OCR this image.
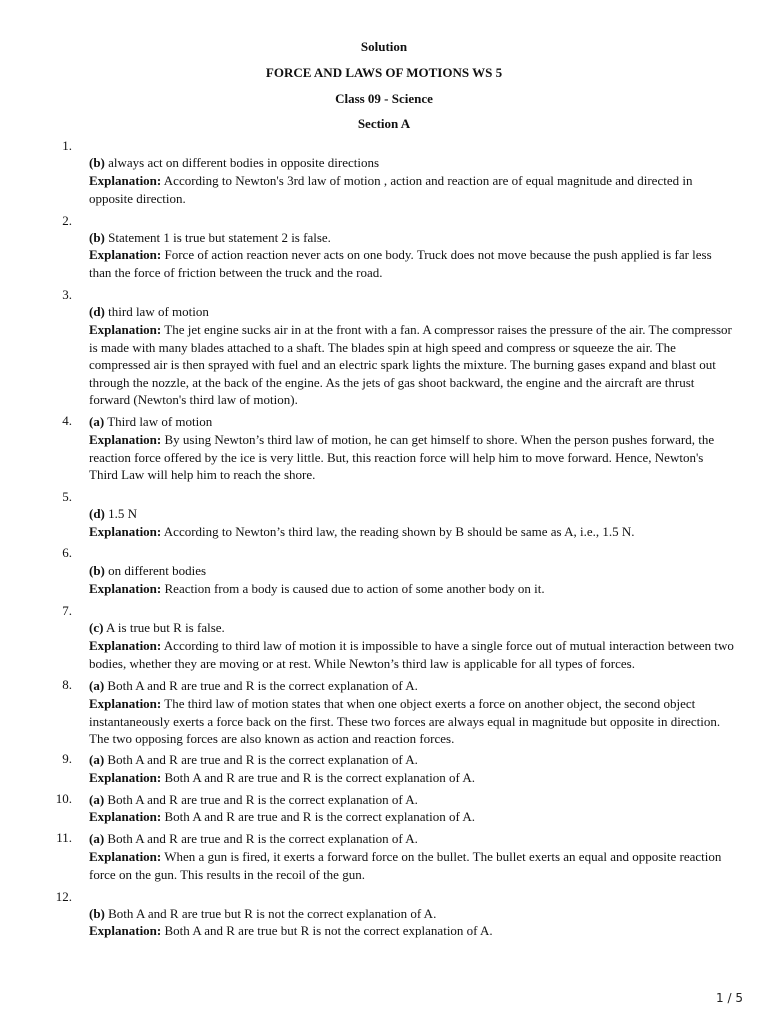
Solution
FORCE AND LAWS OF MOTIONS WS 5
Class 09 - Science
Section A
1.
(b) always act on different bodies in opposite directions
Explanation: According to Newton's 3rd law of motion , action and reaction are of equal magnitude and directed in opposite direction.
2.
(b) Statement 1 is true but statement 2 is false.
Explanation: Force of action reaction never acts on one body. Truck does not move because the push applied is far less than the force of friction between the truck and the road.
3.
(d) third law of motion
Explanation: The jet engine sucks air in at the front with a fan. A compressor raises the pressure of the air. The compressor is made with many blades attached to a shaft. The blades spin at high speed and compress or squeeze the air. The compressed air is then sprayed with fuel and an electric spark lights the mixture. The burning gases expand and blast out through the nozzle, at the back of the engine. As the jets of gas shoot backward, the engine and the aircraft are thrust forward (Newton's third law of motion).
4. (a) Third law of motion
Explanation: By using Newton’s third law of motion, he can get himself to shore. When the person pushes forward, the reaction force offered by the ice is very little. But, this reaction force will help him to move forward. Hence, Newton's Third Law will help him to reach the shore.
5.
(d) 1.5 N
Explanation: According to Newton’s third law, the reading shown by B should be same as A, i.e., 1.5 N.
6.
(b) on different bodies
Explanation: Reaction from a body is caused due to action of some another body on it.
7.
(c) A is true but R is false.
Explanation: According to third law of motion it is impossible to have a single force out of mutual interaction between two bodies, whether they are moving or at rest. While Newton’s third law is applicable for all types of forces.
8. (a) Both A and R are true and R is the correct explanation of A.
Explanation: The third law of motion states that when one object exerts a force on another object, the second object instantaneously exerts a force back on the first. These two forces are always equal in magnitude but opposite in direction. The two opposing forces are also known as action and reaction forces.
9. (a) Both A and R are true and R is the correct explanation of A.
Explanation: Both A and R are true and R is the correct explanation of A.
10. (a) Both A and R are true and R is the correct explanation of A.
Explanation: Both A and R are true and R is the correct explanation of A.
11. (a) Both A and R are true and R is the correct explanation of A.
Explanation: When a gun is fired, it exerts a forward force on the bullet. The bullet exerts an equal and opposite reaction force on the gun. This results in the recoil of the gun.
12.
(b) Both A and R are true but R is not the correct explanation of A.
Explanation: Both A and R are true but R is not the correct explanation of A.
1 / 5
